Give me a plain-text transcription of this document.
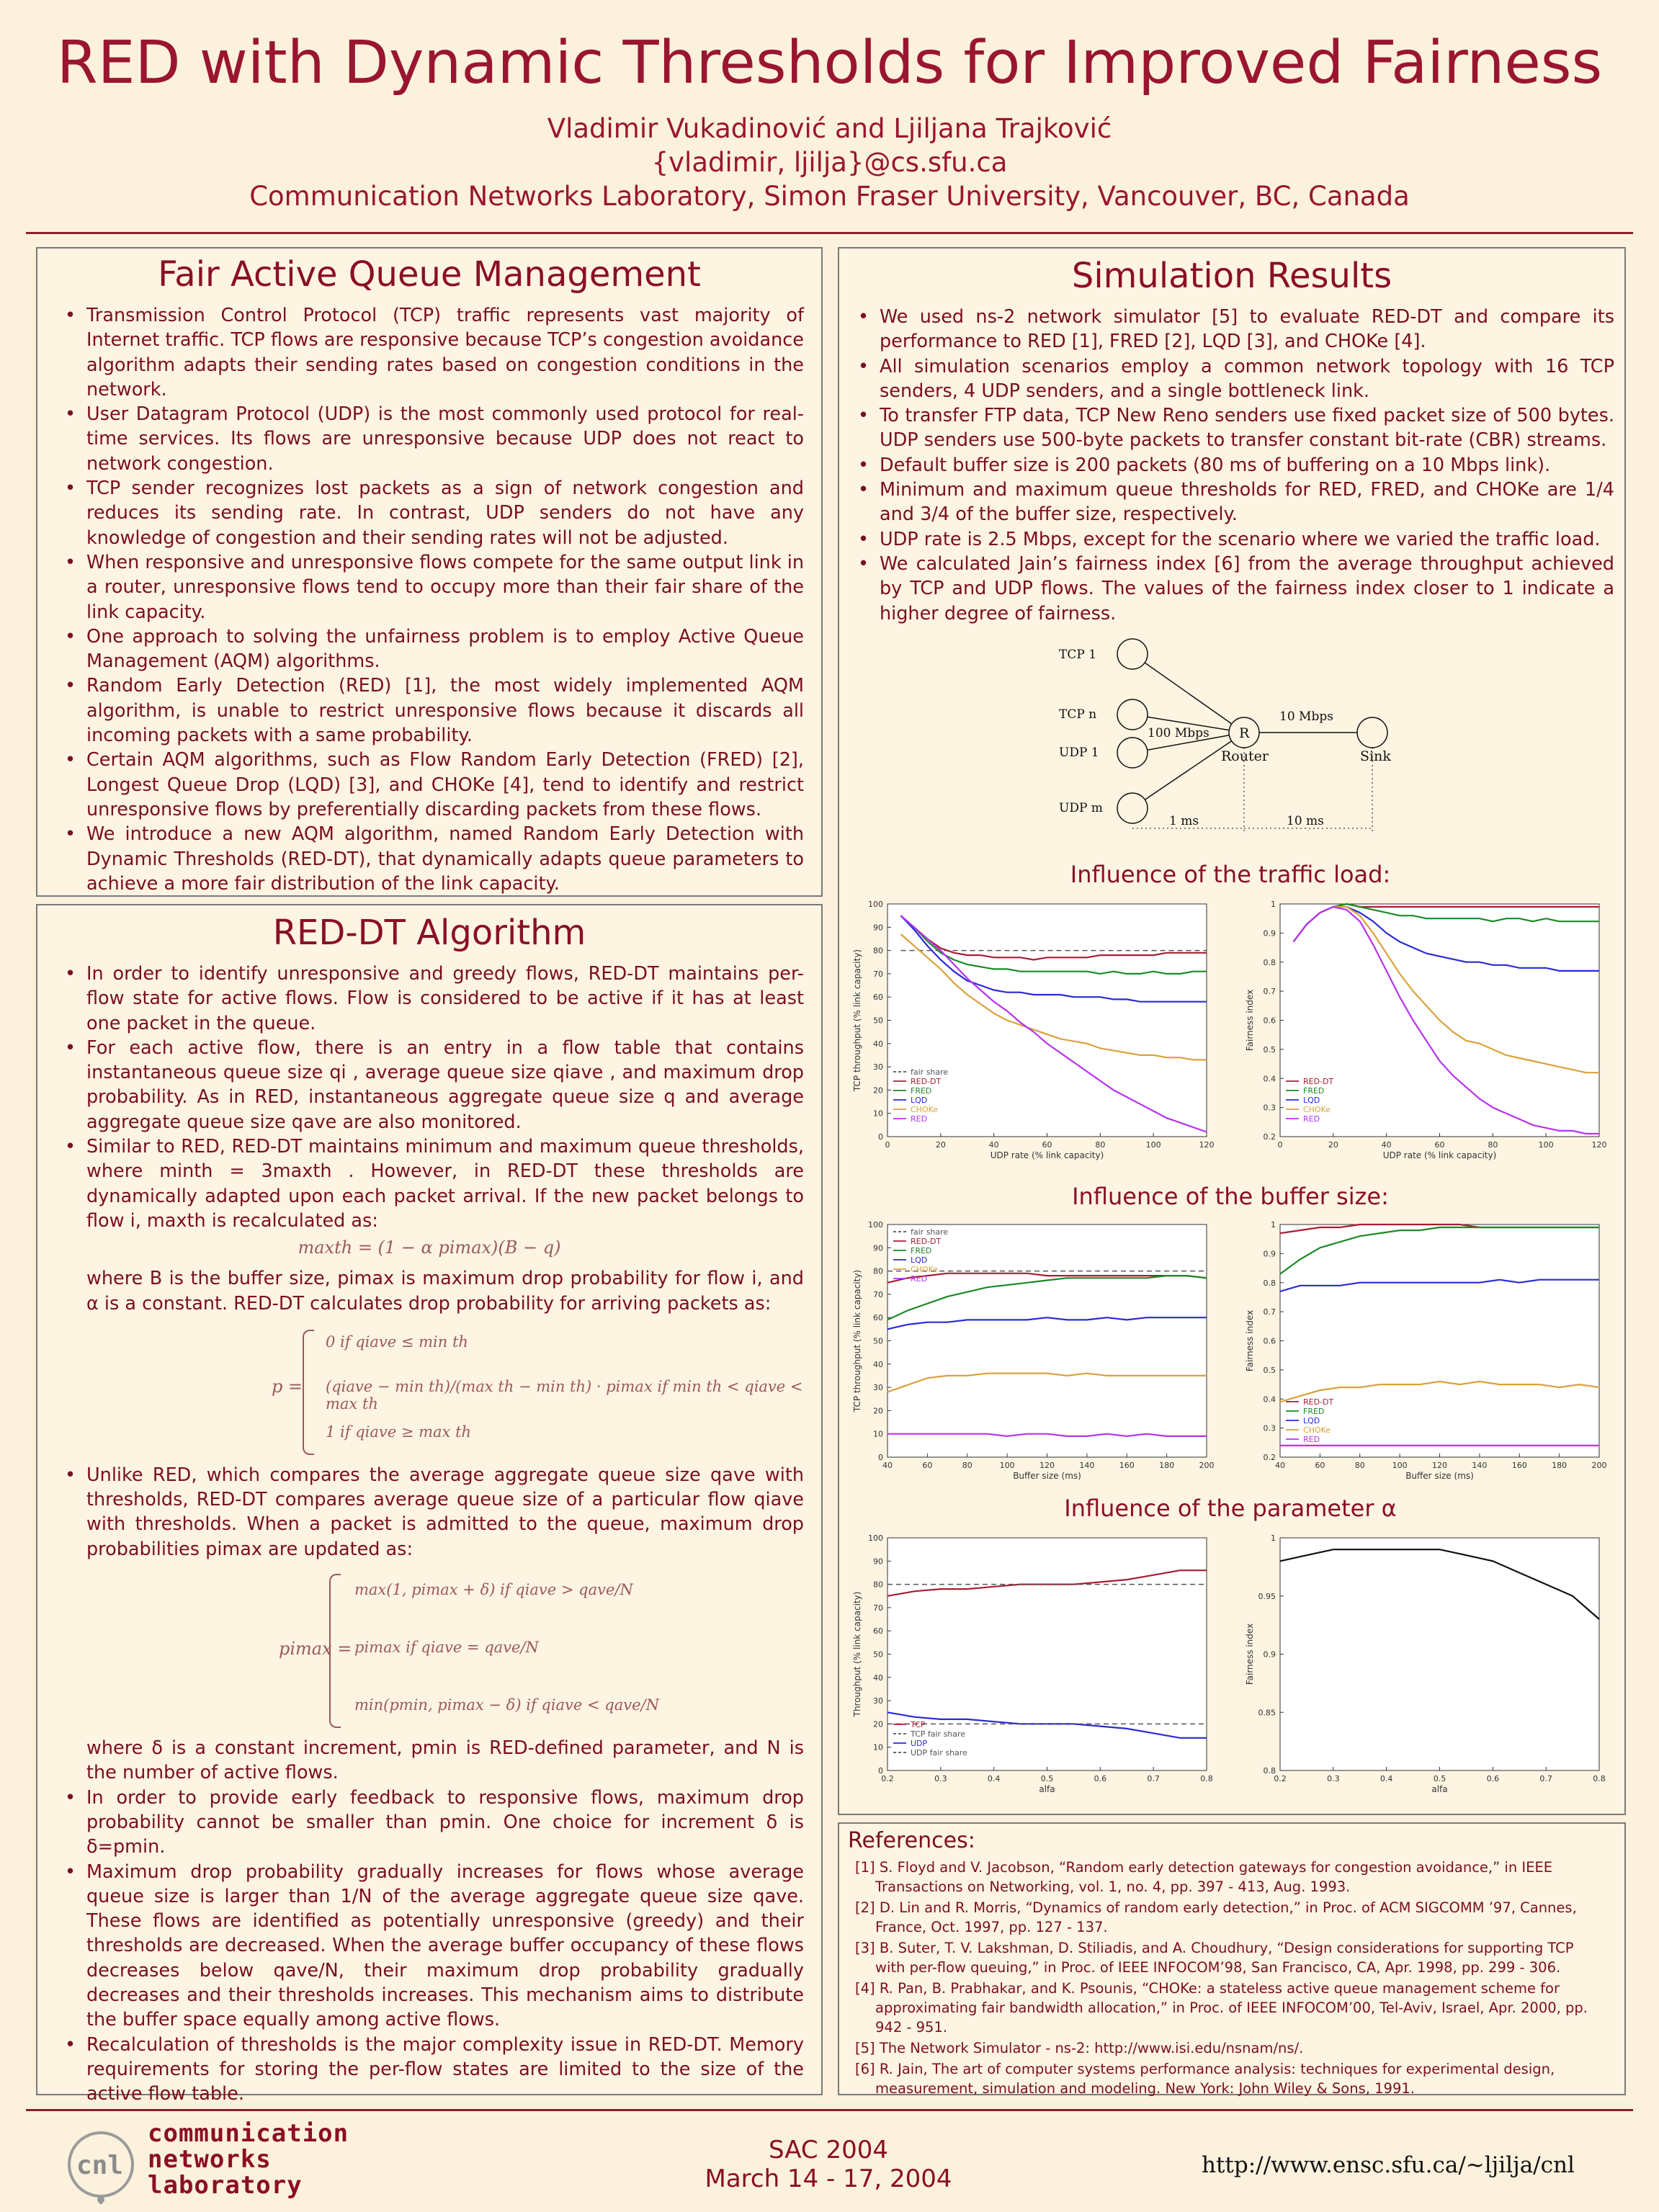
RED with Dynamic Thresholds for Improved Fairness
Vladimir Vukadinović and Ljiljana Trajković
{vladimir, ljilja}@cs.sfu.ca
Communication Networks Laboratory, Simon Fraser University, Vancouver, BC, Canada
Fair Active Queue Management
• Transmission Control Protocol (TCP) traffic represents vast majority of Internet traffic. TCP flows are responsive because TCP’s congestion avoidance algorithm adapts their sending rates based on congestion conditions in the network.
• User Datagram Protocol (UDP) is the most commonly used protocol for real-time services. Its flows are unresponsive because UDP does not react to network congestion.
• TCP sender recognizes lost packets as a sign of network congestion and reduces its sending rate. In contrast, UDP senders do not have any knowledge of congestion and their sending rates will not be adjusted.
• When responsive and unresponsive flows compete for the same output link in a router, unresponsive flows tend to occupy more than their fair share of the link capacity.
• One approach to solving the unfairness problem is to employ Active Queue Management (AQM) algorithms.
• Random Early Detection (RED) [1], the most widely implemented AQM algorithm, is unable to restrict unresponsive flows because it discards all incoming packets with a same probability.
• Certain AQM algorithms, such as Flow Random Early Detection (FRED) [2], Longest Queue Drop (LQD) [3], and CHOKe [4], tend to identify and restrict unresponsive flows by preferentially discarding packets from these flows.
• We introduce a new AQM algorithm, named Random Early Detection with Dynamic Thresholds (RED-DT), that dynamically adapts queue parameters to achieve a more fair distribution of the link capacity.
RED-DT Algorithm
• In order to identify unresponsive and greedy flows, RED-DT maintains per-flow state for active flows. Flow is considered to be active if it has at least one packet in the queue.
• For each active flow, there is an entry in a flow table that contains instantaneous queue size qi , average queue size qiave , and maximum drop probability. As in RED, instantaneous aggregate queue size q and average aggregate queue size qave are also monitored.
• Similar to RED, RED-DT maintains minimum and maximum queue thresholds, where minth = 3maxth . However, in RED-DT these thresholds are dynamically adapted upon each packet arrival. If the new packet belongs to flow i, maxth is recalculated as:
maxth = (1 − α pimax)(B − q)
where B is the buffer size, pimax is maximum drop probability for flow i, and α is a constant. RED-DT calculates drop probability for arriving packets as:
p =
0 if qiave ≤ min th
(qiave − min th)/(max th − min th) · pimax if min th < qiave < max th
1 if qiave ≥ max th
• Unlike RED, which compares the average aggregate queue size qave with thresholds, RED-DT compares average queue size of a particular flow qiave with thresholds. When a packet is admitted to the queue, maximum drop probabilities pimax are updated as:
pimax =
max(1, pimax + δ) if qiave > qave/N
pimax if qiave = qave/N
min(pmin, pimax − δ) if qiave < qave/N
where δ is a constant increment, pmin is RED-defined parameter, and N is the number of active flows.
• In order to provide early feedback to responsive flows, maximum drop probability cannot be smaller than pmin. One choice for increment δ is δ=pmin.
• Maximum drop probability gradually increases for flows whose average queue size is larger than 1/N of the average aggregate queue size qave. These flows are identified as potentially unresponsive (greedy) and their thresholds are decreased. When the average buffer occupancy of these flows decreases below qave/N, their maximum drop probability gradually decreases and their thresholds increases. This mechanism aims to distribute the buffer space equally among active flows.
• Recalculation of thresholds is the major complexity issue in RED-DT. Memory requirements for storing the per-flow states are limited to the size of the active flow table.
Simulation Results
• We used ns-2 network simulator [5] to evaluate RED-DT and compare its performance to RED [1], FRED [2], LQD [3], and CHOKe [4].
• All simulation scenarios employ a common network topology with 16 TCP senders, 4 UDP senders, and a single bottleneck link.
• To transfer FTP data, TCP New Reno senders use fixed packet size of 500 bytes. UDP senders use 500-byte packets to transfer constant bit-rate (CBR) streams.
• Default buffer size is 200 packets (80 ms of buffering on a 10 Mbps link).
• Minimum and maximum queue thresholds for RED, FRED, and CHOKe are 1/4 and 3/4 of the buffer size, respectively.
• UDP rate is 2.5 Mbps, except for the scenario where we varied the traffic load.
• We calculated Jain’s fairness index [6] from the average throughput achieved by TCP and UDP flows. The values of the fairness index closer to 1 indicate a higher degree of fairness.
TCP 1
TCP n
UDP 1
UDP m
R
Router	Sink
100 Mbps
10 Mbps
1 ms	10 ms
Influence of the traffic load:
Influence of the buffer size:
Influence of the parameter α
0
10
20
30
40
50
60
70
80
90
100
0	20	40	60	80	100	120
UDP rate (% link capacity)
TCP throughput (% link capacity)	fair share
RED-DT
FRED
LQD
CHOKe
RED
0.2
0.3
0.4
0.5
0.6
0.7
0.8
0.9
1
0	20	40	60	80	100	120
UDP rate (% link capacity)
Fairness index
RED-DT
FRED
LQD
CHOKe
RED
0
10
20
30
40
50
60
70
80
90
100
40	60	80	100	120	140	160	180	200
Buffer size (ms)
TCP throughput (% link capacity)
fair share
RED-DT
FRED
LQD
CHOKe
RED
0.2
0.3
0.4
0.5
0.6
0.7
0.8
0.9
1
40	60	80	100	120	140	160	180	200
Buffer size (ms)
Fairness index
RED-DT
FRED
LQD
CHOKe
RED
0
10
20
30
40
50
60
70
80
90
100
0.2	0.3	0.4	0.5	0.6	0.7	0.8
alfa
Throughput (% link capacity)
TCP
TCP fair share
UDP
UDP fair share
0.8
0.85
0.9
0.95
1
0.2	0.3	0.4	0.5	0.6	0.7	0.8
alfa
Fairness index
References:

[1] S. Floyd and V. Jacobson, “Random early detection gateways for congestion avoidance,” in IEEE Transactions on Networking, vol. 1, no. 4, pp. 397 - 413, Aug. 1993.

[2] D. Lin and R. Morris, “Dynamics of random early detection,” in Proc. of ACM SIGCOMM ’97, Cannes, France, Oct. 1997, pp. 127 - 137.

[3] B. Suter, T. V. Lakshman, D. Stiliadis, and A. Choudhury, “Design considerations for supporting TCP with per-flow queuing,” in Proc. of IEEE INFOCOM’98, San Francisco, CA, Apr. 1998, pp. 299 - 306.

[4] R. Pan, B. Prabhakar, and K. Psounis, “CHOKe: a stateless active queue management scheme for approximating fair bandwidth allocation,” in Proc. of IEEE INFOCOM’00, Tel-Aviv, Israel, Apr. 2000, pp. 942 - 951.

[5] The Network Simulator - ns-2: http://www.isi.edu/nsnam/ns/.

[6] R. Jain, The art of computer systems performance analysis: techniques for experimental design, measurement, simulation and modeling. New York: John Wiley & Sons, 1991.

cnl
communication
networks
laboratory
SAC 2004
March 14 - 17, 2004	http://www.ensc.sfu.ca/~ljilja/cnl
